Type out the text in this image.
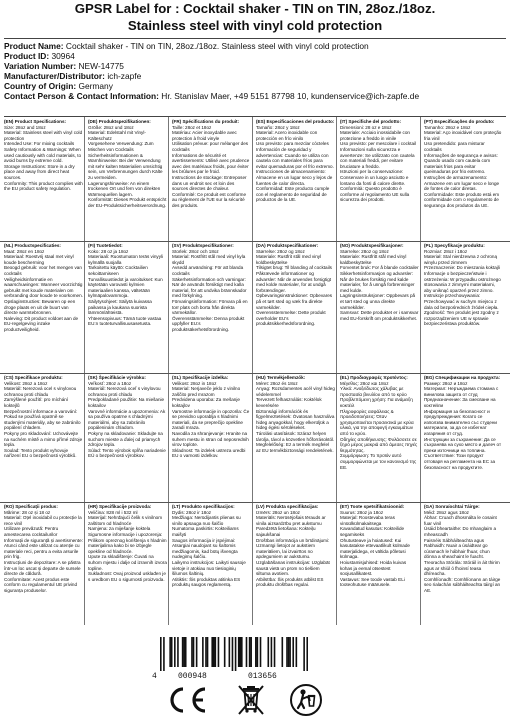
GPSR Label for : Cocktail shaker - TIN on TIN, 28oz./18oz.
Stainless steel with vinyl cold protection
Product Name: Cocktail shaker - TIN on TIN, 28oz./18oz. Stainless steel with vinyl cold protection
Product ID: 30964
Variation Number: NEW-14775
Manufacturer/Distributor: ich-zapfe
Country of Origin: Germany
Contact Person & Contact Information: Hr. Stanislav Maer, +49 5151 87798 10, kundenservice@ich-zapfe.de
(EN) Product Specifications:
Size: 28oz and 18oz
Material: Stainless steel with vinyl cold protection
Intended Use: For mixing cocktails
Safety Information & Warnings: When used cautiously with cold materials, to avoid burns by extreme cold.
Storage Instructions: Store in a dry place and away from direct heat sources.
Conformity: This product complies with the EU product safety regulation.
(DE) Produktspezifikationen:
Größe: 28oz und 18oz
Material: Edelstahl mit Vinyl-Kälteschutz
Vorgesehene Verwendung: Zum Mischen von Cocktails
Sicherheitsinformationen & Warnhinweise: Bei der Verwendung mit sehr kalten Materialien umsichtig sein, um Verbrennungen durch Kälte zu vermeiden.
Lagerungshinweise: An einem trockenen Ort und fern von direkten Wärmequellen lagern.
Konformität: Dieses Produkt entspricht der EU-Produktsicherheitsverordnung.
(FR) Spécifications du produit:
Taille: 28oz et 18oz
Matériau: Acier inoxydable avec protection à froid vinyle
Utilisation prévue: pour mélanger des cocktails
Informations de sécurité et avertissements: Utilisé avec prudence avec des matériaux froids, pour éviter les brûlures par le froid.
Instructions de stockage: Entreposer dans un endroit sec et loin des sources directes de chaleur.
Conformité: Ce produit est conforme au règlement de l'UE sur la sécurité des produits.
(ES) Especificaciones del producto:
Tamaño: 28oz y 18oz
Material: Acero inoxidable con protección en frío vinilo
Uso previsto: para mezclar cócteles
Información de seguridad y advertencias: Cuando se utiliza con cautela con materiales fríos para evitar quemaduras por el frío extremo.
Instrucciones de almacenamiento: Almacene en un lugar seco y lejos de fuentes de calor directa.
Conformidad: Este producto cumple con el reglamento de seguridad de productos de la UE.
(IT) Specifiche del prodotto:
Dimensioni: 28 oz e 18oz
Materiale: Acciaio inossidabile con protezione a freddo in vinile
Uso previsto: per mescolare i cocktail
Informazioni sulla sicurezza e avvertenze: Se utilizzato con cautela con materiali freddi, per evitare bruciature a freddo.
Istruzioni per la conservazione: Conservare in un luogo asciutto e lontano da fonti di calore dirette.
Conformità: Questo prodotto è conforme al regolamento UE sulla sicurezza dei prodotti.
(PT) Especificações do produto:
Tamanho: 28oz e 18oz
Material: Aço inoxidável com proteção fria vinil
Uso pretendido: para misturar cocktails
Informações de segurança e avisos: Quando usado com cautela com materiais frios para evitar queimaduras por frio extremo.
Instruções de armazenamento: Armazene em um lugar seco e longe de fontes de calor diretas.
Conformidade: Este produto está em conformidade com o regulamento de segurança dos produtos da UE.
(NL) Productspecificaties:
Maat: 28oz en 18oz
Materiaal: Roestvrij staal met vinyl koude bescherming
Beoogd gebruik: voor het mengen van cocktails
Veiligheidsinformatie en waarschuwingen: Wanneer voorzichtig gebruikt met koude materialen om verbranding door koude te voorkomen.
Opslaginstructies: Bewaren op een droge plaats en uit de buurt van directe warmtebronnen.
Naleving: Dit product voldoet aan de EU-regelgeving inzake productveiligheid.
(FI) Tuotetiedot:
Koko: 28 oz ja 18oz
Materiaali: Ruostumaton teräs vinyyli kylmällä suojalla
Tarkoitettu käyttö: Cocktailien sekoittamiseen
Turvallisuustiedot ja varoitukset: Kun käytetään varovasti kylmien materiaalien kanssa, vältetään kylmäpalovammoja.
Säilytysohjeet: Säilytä kuivassa paikassa ja kaukana suorista lämmönlähteistä.
Yhteensopivuus: Tämä tuote vastaa EU:n tuoteturvallisuusasetusta.
(SV) Produktspecifikationer:
Storlek: 28oz och 18oz
Material: Rostfritt stål med vinyl kyla skydd
Avsedd användning: För att blanda cocktails
Säkerhetsinformation och varningar: När de används försiktigt med kalla material, för att undvika brännskador med förkylning.
Förvaringsinformation: Förvara på en torr plats och borta från direkta värmekällor.
Överensstämmelse: Denna produkt uppfyller EU:s produktsäkerhetsförordning.
(DA) Produktspecifikationer:
Størrelse: 28oz og 18oz
Materiale: Rustfrit stål med vinyl koldbeskyttelse
Tilsigtet brug: Til blanding af cocktails
Påkrævede informationer og advarsler: Når de anvendes forsigtigt med kolde materialer, for at undgå forbrændinger.
Opbevaringsinstruktioner: Opbevares på et tørt sted og væk fra direkte varmekilder.
Overensstemmelse: Dette produkt overholder EU's produktsikkerhedsforordning.
(NO) Produktspesifikasjoner:
Størrelse: 28oz og 18oz
Materiale: Rustfritt stål med vinyl kaldbeskyttelse
Forventet bruk: For å blande cocktailer
Sikkerhetsinformasjon og advarsler: Når de brukes forsiktig med kalde materialer, for å unngå forbrenninger med kulde.
Lagringsinstruksjoner: Oppbevars på et tørt sted og unna direkte varmekilder.
Samsvar: Dette produktet er i samsvar med EU-forskrift om produktsikkerhet.
(PL) Specyfikacje produktu:
Rozmiar: 28oz i 18oz
Materiał: Stal nierdzewna z ochroną winylu przed zimnem
Przeznaczenie: Do mieszania koktajli
Informacje o bezpieczeństwie i ostrzeżenia: W przypadku ostrożnego stosowania z zimnymi materiałami, aby uniknąć oparzeń przez zimno.
Instrukcje przechowywania: Przechowywać w suchym miejscu z dala od bezpośrednich źródeł ciepła.
Zgodność: Ten produkt jest zgodny z rozporządzeniem UE w sprawie bezpieczeństwa produktów.
(CS) Specifikace produktu:
Velikost: 28oz a 18oz
Materiál: Nerezová ocel s vinylovou ochranou proti chladu
Zamýšlené použití: pro míchání koktejlů
Bezpečnostní informace a varování: Pokud se používá opatrně se studenými materiály, aby se zabránilo popálení chladem.
Pokyny pro skladování: Uchovávejte na suchém místě a mimo přímé zdroje tepla.
Soulad: Tento produkt vyhovuje nařízení EU o bezpečnosti výrobků.
(SK) Špecifikácie výrobku:
Veľkosť: 28oz a 18oz
Materiál: Nerezová oceľ s vinylovou ochranou proti chladu
Predpokladané použitie: Na miešanie koktailov
Varovné informácie a upozornenia: Ak sa používa opatrne s chladnými materiálmi, aby sa zabránilo popáleninám chladom.
Pokyny na skladovanie: Skladujte na suchom mieste a ďalej od priamych zdrojov tepla.
Súlad: Tento výrobok spĺňa nariadenie EÚ o bezpečnosti výrobkov.
(SL) Specifikacije izdelka:
Velikost: 28oz in 18oz
Material: Nerjaveče jeklo z vinilno zaščito pred mrazom
Predvidena uporaba: Za mešanje koktajlov
Varnostne informacije in opozorila: Če se previdno uporablja s hladnimi materiali, da se preprečijo opekline zaradi mraza.
Navodila za shranjevanje: Hranite na suhem mestu in stran od neposrednih virov toplote.
Skladnost: Ta izdelek ustreza uredbi EU o varnosti izdelkov.
(HU) Termékjellemzők:
Méret: 28oz és 18oz
Anyag: Rozsdamentes acél vinyl hideg védelemmel
Tervezett felhasználás: Koktélok keverésére
Biztonsági információk és figyelmeztetések: Óvatosan használva hideg anyagokkal, hogy elkerüljük a hideg égési sérüléseket.
Tárolási utasítások: Száraz helyen tárolja, távol a közvetlen hőforrásoktól.
Megfelelőség: Ez a termék megfelel az EU termékbiztonsági rendeletének.
(EL) Προδιαγραφές προϊόντος:
Μέγεθος: 28oz και 18oz
Υλικό: Ανοξείδωτος χάλυβας με προστασία βινυλίου από το κρύο
Προβλεπόμενη χρήση: Για ανάμειξη κοκτέιλ
Πληροφορίες ασφάλειας & προειδοποιήσεις: Όταν χρησιμοποιείται προσεκτικά με κρύα υλικά, για την αποφυγή εγκαυμάτων από το κρύο.
Οδηγίες αποθήκευσης: Φυλάσσετε σε ξηρό μέρος μακριά από άμεσες πηγές θερμότητας.
Συμμόρφωση: Το προϊόν αυτό συμμορφώνεται με τον κανονισμό της ΕΕ.
(BG) Спецификации на продукта:
Размер: 28oz и 18oz
Материал: Неръждаема стомана с винилова защита от студ
Предназначение: За смесване на коктейли
Информация за безопасност и предупреждения: Когато се използва внимателно със студени материали, за да се избегнат изгаряния от студ.
Инструкции за съхранение: Да се съхранява на сухо място и далеч от преки източници на топлина.
Съответствие: Този продукт отговаря на регламента на ЕС за безопасност на продуктите.
(RO) Specificații produs:
Mărime: 28 oz și 18 oz
Material: Oțel inoxidabil cu protecție la rece vinil
Utilizare prevăzută: Pentru amestecarea cocktailurilor
Informații de siguranță și avertismente: Atunci când este utilizat cu atenție cu materiale reci, pentru a evita arsurile prin frig.
Instrucțiuni de depozitare: A se păstra într-un loc uscat și departe de sursele directe de căldură.
Conformitate: Acest produs este conform cu regulamentul UE privind siguranța produselor.
(HR) Specifikacije proizvoda:
Veličina: 828 ml i 532 ml
Materijal: Nehrđajući čelik s vinilnom zaštitom od hladnoće
Namjena: za miješanje koktela
Sigurnosne informacije i upozorenja: Prilikom opreznog korištenja s hladnim materijalima kako bi se izbjegle opekline od hladnoće.
Upute za skladištenje: Čuvati na suhom mjestu i dalje od izravnih izvora topline.
Sukladnost: Ovaj proizvod usklađen je s uredbom EU o sigurnosti proizvoda.
(LT) Produkto specifikacijos:
Dydis: 28oz ir 18oz
Medžiaga: Nerūdijantis plienas su vinilo apsauga nuo šalčio
Numatoma paskirtis: Kokteiliams maišyti
Saugos informacija ir įspėjimai: Atsargiai naudojant su šaltomis medžiagomis, kad būtų išvengta nudegimų šalčiu.
Laikymo instrukcijos: Laikyti sausoje vietoje ir atokiau nuo tiesioginių šilumos šaltinių.
Atitiktis: Šis produktas atitinka ES produktų saugos reglamentą.
(LV) Produkta specifikācijas:
Izmērs: 28oz un 18oz
Materiāls: Nerūsējošais tērauds ar vinila aizsardzību pret aukstumu
Paredzētā lietošana: Kokteiļu sajaukšanai
Drošības informācija un brīdinājumi: Uzmanīgi lietojot ar aukstiem materiāliem, lai izvairītos no apdegumiem ar aukstumu.
Uzglabāšanas instrukcijas: Uzglabāt sausā vietā un prom no tiešiem siltuma avotiem.
Atbilstība: Šis produkts atbilst ES produktu drošības regulai.
(ET) Toote spetsifikatsioonid:
Suurus: 28oz ja 18oz
Materjal: Roostevaba teras vinüülkülmakaitsega
Kavandatud kasutus: Kokteilide segamiseks
Ohutusteave ja hoiatused: Kui kasutatakse ettevaatlikult külmade materjalidega, et vältida põletusi külmaga.
Hoiustamisjuhised: Hoida kuivas kohas ja eemal otsestest soojusallikatest.
Vastavus: See toode vastab ELi tooteohutuse määrusele.
(GA) Sonraíochtaí Táirge:
Méid: 28oz agus 18oz
Ábhar: Cruach dhosmálta le cosaint fuar vinil
Úsáid bheartaithe: Do mhanglaim a mheascadh
Faisnéis Sábháilteachta agus Rabhaidh: Nuair a úsáidtear go cúramach le hábhair fhuar, chun dónna a sheachaint le fuacht.
Treoracha Stórála: Stóráil in áit thirim agus ar shiúl ó fhoinsí teasa dhíreacha.
Comhlíonadh: Comhlíonann an táirge seo rialachán sábháilteachta táirgí an AE.
4	000948	013656
